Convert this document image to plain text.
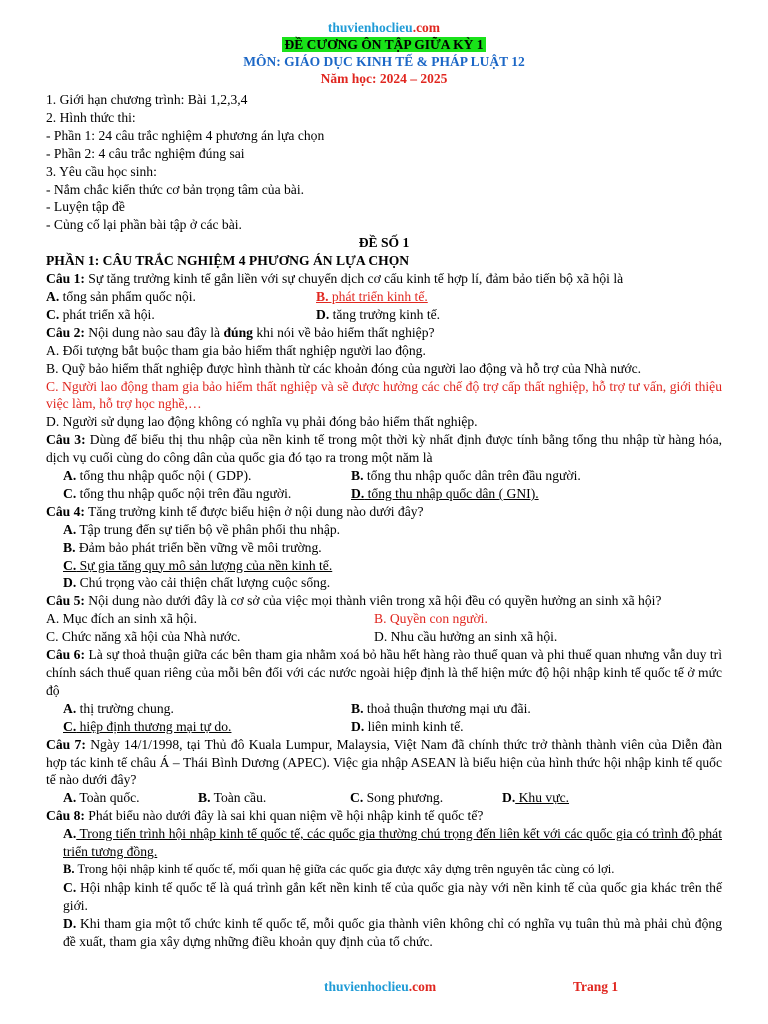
thuvienhoclieu.com
ĐỀ CƯƠNG ÔN TẬP GIỮA KỲ 1
MÔN: GIÁO DỤC KINH TẾ & PHÁP LUẬT 12
Năm học: 2024 – 2025
1. Giới hạn chương trình: Bài 1,2,3,4
2. Hình thức thi:
- Phần 1: 24 câu trắc nghiệm 4 phương án lựa chọn
- Phần 2: 4 câu trắc nghiệm đúng sai
3. Yêu cầu học sinh:
- Nắm chắc kiến thức cơ bản trọng tâm của bài.
- Luyện tập đề
- Củng cố lại phần bài tập ở các bài.
ĐỀ SỐ 1
PHẦN 1: CÂU TRẮC NGHIỆM 4 PHƯƠNG ÁN LỰA CHỌN
Câu 1: Sự tăng trưởng kinh tế gắn liền với sự chuyển dịch cơ cấu kinh tế hợp lí, đảm bảo tiến bộ xã hội là
A. tổng sản phẩm quốc nội.	B. phát triển kinh tế.
C. phát triển xã hội.	D. tăng trưởng kinh tế.
Câu 2: Nội dung nào sau đây là đúng khi nói về bảo hiểm thất nghiệp?
A. Đối tượng bắt buộc tham gia bảo hiểm thất nghiệp người lao động.
B. Quỹ bảo hiểm thất nghiệp được hình thành từ các khoản đóng của người lao động và hỗ trợ của Nhà nước.
C. Người lao động tham gia bảo hiểm thất nghiệp và sẽ được hưởng các chế độ trợ cấp thất nghiệp, hỗ trợ tư vấn, giới thiệu việc làm, hỗ trợ học nghề,…
D. Người sử dụng lao động không có nghĩa vụ phải đóng bảo hiểm thất nghiệp.
Câu 3: Dùng để biểu thị thu nhập của nền kinh tế trong một thời kỳ nhất định được tính bằng tổng thu nhập từ hàng hóa, dịch vụ cuối cùng do công dân của quốc gia đó tạo ra trong một năm là
A. tổng thu nhập quốc nội ( GDP).	B. tổng thu nhập quốc dân trên đầu người.
C. tổng thu nhập quốc nội trên đầu người.	D. tổng thu nhập quốc dân ( GNI).
Câu 4: Tăng trưởng kinh tế được biểu hiện ở nội dung nào dưới đây?
A. Tập trung đến sự tiến bộ về phân phối thu nhập.
B. Đảm bảo phát triển bền vững về môi trường.
C. Sự gia tăng quy mô sản lượng của nền kinh tế.
D. Chú trọng vào cải thiện chất lượng cuộc sống.
Câu 5: Nội dung nào dưới đây là cơ sở của việc mọi thành viên trong xã hội đều có quyền hưởng an sinh xã hội?
A. Mục đích an sinh xã hội.	B. Quyền con người.
C. Chức năng xã hội của Nhà nước.	D. Nhu cầu hưởng an sinh xã hội.
Câu 6: Là sự thoả thuận giữa các bên tham gia nhằm xoá bỏ hầu hết hàng rào thuế quan và phi thuế quan nhưng vẫn duy trì chính sách thuế quan riêng của mỗi bên đối với các nước ngoài hiệp định là thể hiện mức độ hội nhập kinh tế quốc tế ở mức độ
A. thị trường chung.	B. thoả thuận thương mại ưu đãi.
C. hiệp định thương mại tự do.	D. liên minh kinh tế.
Câu 7: Ngày 14/1/1998, tại Thủ đô Kuala Lumpur, Malaysia, Việt Nam đã chính thức trở thành thành viên của Diễn đàn hợp tác kinh tế châu Á – Thái Bình Dương (APEC). Việc gia nhập ASEAN là biểu hiện của hình thức hội nhập kinh tế quốc tế nào dưới đây?
A. Toàn quốc.	B. Toàn cầu.	C. Song phương.	D. Khu vực.
Câu 8: Phát biểu nào dưới đây là sai khi quan niệm về hội nhập kinh tế quốc tế?
A. Trong tiến trình hội nhập kinh tế quốc tế, các quốc gia thường chú trọng đến liên kết với các quốc gia có trình độ phát triển tương đồng.
B. Trong hội nhập kinh tế quốc tế, mối quan hệ giữa các quốc gia được xây dựng trên nguyên tắc cùng có lợi.
C. Hội nhập kinh tế quốc tế là quá trình gắn kết nền kinh tế của quốc gia này với nền kinh tế của quốc gia khác trên thế giới.
D. Khi tham gia một tổ chức kinh tế quốc tế, mỗi quốc gia thành viên không chỉ có nghĩa vụ tuân thủ mà phải chủ động đề xuất, tham gia xây dựng những điều khoản quy định của tổ chức.
thuvienhoclieu.com	Trang 1
